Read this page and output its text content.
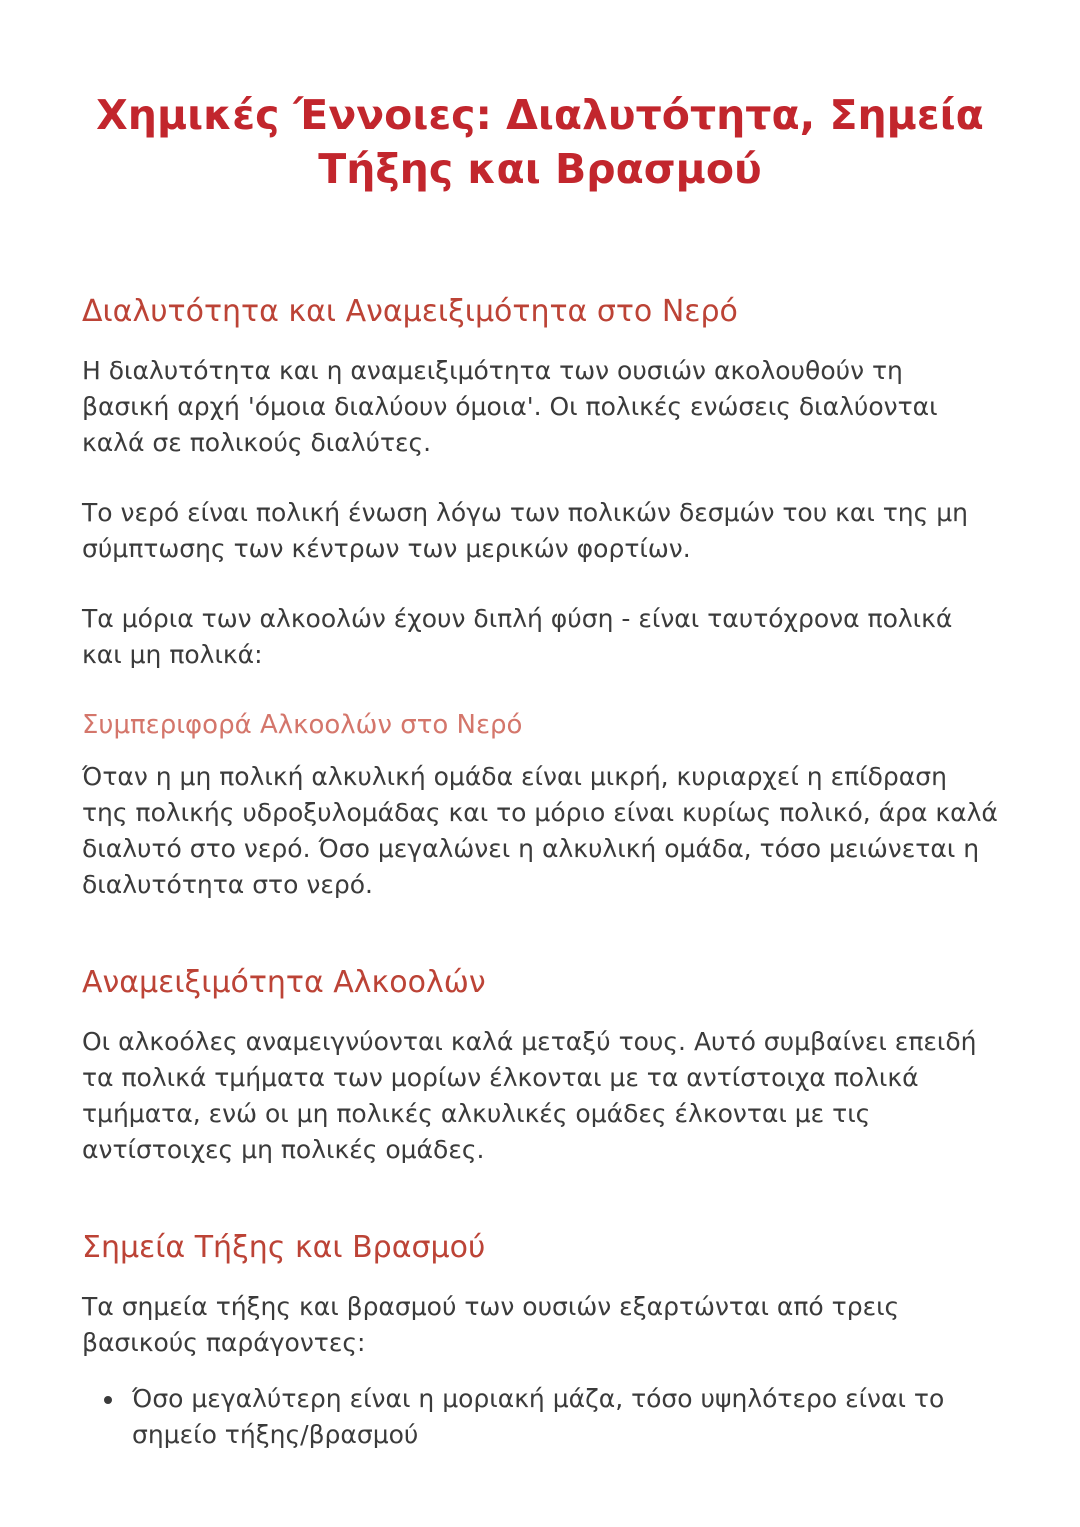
Χημικές Έννοιες: Διαλυτότητα, Σημεία Τήξης και Βρασμού
Διαλυτότητα και Αναμειξιμότητα στο Νερό

Η διαλυτότητα και η αναμειξιμότητα των ουσιών ακολουθούν τη βασική αρχή 'όμοια διαλύουν όμοια'. Οι πολικές ενώσεις διαλύονται καλά σε πολικούς διαλύτες.

Το νερό είναι πολική ένωση λόγω των πολικών δεσμών του και της μη σύμπτωσης των κέντρων των μερικών φορτίων.

Τα μόρια των αλκοολών έχουν διπλή φύση - είναι ταυτόχρονα πολικά και μη πολικά:

Συμπεριφορά Αλκοολών στο Νερό

Όταν η μη πολική αλκυλική ομάδα είναι μικρή, κυριαρχεί η επίδραση της πολικής υδροξυλομάδας και το μόριο είναι κυρίως πολικό, άρα καλά διαλυτό στο νερό. Όσο μεγαλώνει η αλκυλική ομάδα, τόσο μειώνεται η διαλυτότητα στο νερό.

Αναμειξιμότητα Αλκοολών

Οι αλκοόλες αναμειγνύονται καλά μεταξύ τους. Αυτό συμβαίνει επειδή τα πολικά τμήματα των μορίων έλκονται με τα αντίστοιχα πολικά τμήματα, ενώ οι μη πολικές αλκυλικές ομάδες έλκονται με τις αντίστοιχες μη πολικές ομάδες.

Σημεία Τήξης και Βρασμού

Τα σημεία τήξης και βρασμού των ουσιών εξαρτώνται από τρεις βασικούς παράγοντες:

• Όσο μεγαλύτερη είναι η μοριακή μάζα, τόσο υψηλότερο είναι το σημείο τήξης/βρασμού
